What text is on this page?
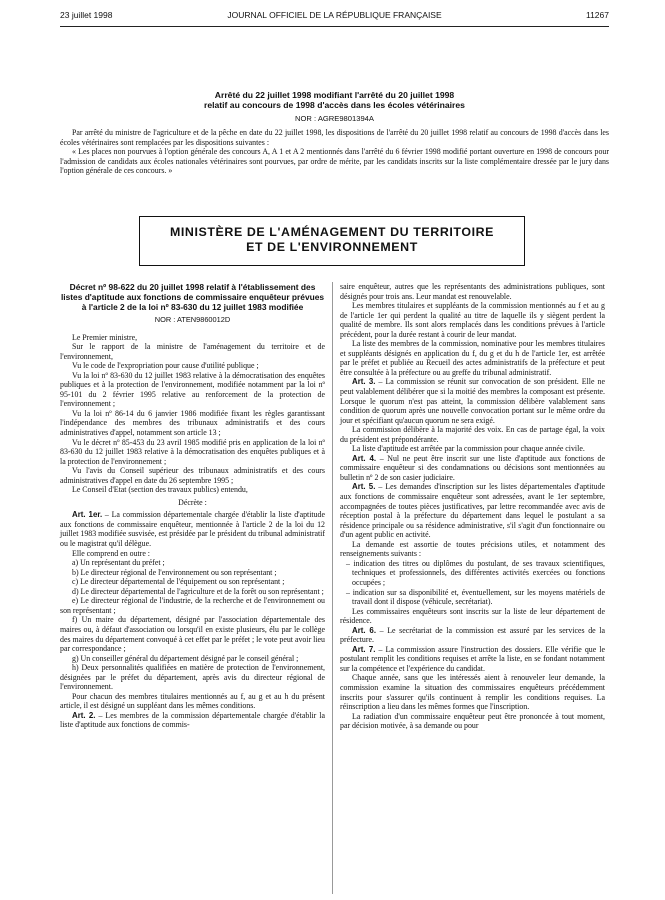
23 juillet 1998	JOURNAL OFFICIEL DE LA RÉPUBLIQUE FRANÇAISE	11267
Arrêté du 22 juillet 1998 modifiant l'arrêté du 20 juillet 1998
relatif au concours de 1998 d'accès dans les écoles vétérinaires
NOR : AGRE9801394A

Par arrêté du ministre de l'agriculture et de la pêche en date du 22 juillet 1998, les dispositions de l'arrêté du 20 juillet 1998 relatif au concours de 1998 d'accès dans les écoles vétérinaires sont remplacées par les dispositions suivantes :

« Les places non pourvues à l'option générale des concours A, A 1 et A 2 mentionnés dans l'arrêté du 6 février 1998 modifié portant ouverture en 1998 de concours pour l'admission de candidats aux écoles nationales vétérinaires sont pourvues, par ordre de mérite, par les candidats inscrits sur la liste complémentaire dressée par le jury dans l'option générale de ces concours. »

MINISTÈRE DE L'AMÉNAGEMENT DU TERRITOIRE
ET DE L'ENVIRONNEMENT

Décret nº 98-622 du 20 juillet 1998 relatif à l'établissement des listes d'aptitude aux fonctions de commissaire enquêteur prévues à l'article 2 de la loi nº 83-630 du 12 juillet 1983 modifiée

NOR : ATEN9860012D

Le Premier ministre,

Sur le rapport de la ministre de l'aménagement du territoire et de l'environnement,

Vu le code de l'expropriation pour cause d'utilité publique ;

Vu la loi nº 83-630 du 12 juillet 1983 relative à la démocratisation des enquêtes publiques et à la protection de l'environnement, modifiée notamment par la loi nº 95-101 du 2 février 1995 relative au renforcement de la protection de l'environnement ;

Vu la loi nº 86-14 du 6 janvier 1986 modifiée fixant les règles garantissant l'indépendance des membres des tribunaux administratifs et des cours administratives d'appel, notamment son article 13 ;

Vu le décret nº 85-453 du 23 avril 1985 modifié pris en application de la loi nº 83-630 du 12 juillet 1983 relative à la démocratisation des enquêtes publiques et à la protection de l'environnement ;

Vu l'avis du Conseil supérieur des tribunaux administratifs et des cours administratives d'appel en date du 26 septembre 1995 ;

Le Conseil d'Etat (section des travaux publics) entendu,

Décrète :

Art. 1er. – La commission départementale chargée d'établir la liste d'aptitude aux fonctions de commissaire enquêteur, mentionnée à l'article 2 de la loi du 12 juillet 1983 modifiée susvisée, est présidée par le président du tribunal administratif ou le magistrat qu'il délègue.

Elle comprend en outre :

a) Un représentant du préfet ;

b) Le directeur régional de l'environnement ou son représentant ;

c) Le directeur départemental de l'équipement ou son représentant ;

d) Le directeur départemental de l'agriculture et de la forêt ou son représentant ;

e) Le directeur régional de l'industrie, de la recherche et de l'environnement ou son représentant ;

f) Un maire du département, désigné par l'association départementale des maires ou, à défaut d'association ou lorsqu'il en existe plusieurs, élu par le collège des maires du département convoqué à cet effet par le préfet ; le vote peut avoir lieu par correspondance ;

g) Un conseiller général du département désigné par le conseil général ;

h) Deux personnalités qualifiées en matière de protection de l'environnement, désignées par le préfet du département, après avis du directeur régional de l'environnement.

Pour chacun des membres titulaires mentionnés au f, au g et au h du présent article, il est désigné un suppléant dans les mêmes conditions.

Art. 2. – Les membres de la commission départementale chargée d'établir la liste d'aptitude aux fonctions de commis-

saire enquêteur, autres que les représentants des administrations publiques, sont désignés pour trois ans. Leur mandat est renouvelable.

Les membres titulaires et suppléants de la commission mentionnés au f et au g de l'article 1er qui perdent la qualité au titre de laquelle ils y siègent perdent la qualité de membre. Ils sont alors remplacés dans les conditions prévues à l'article précédent, pour la durée restant à courir de leur mandat.

La liste des membres de la commission, nominative pour les membres titulaires et suppléants désignés en application du f, du g et du h de l'article 1er, est arrêtée par le préfet et publiée au Recueil des actes administratifs de la préfecture et peut être consultée à la préfecture ou au greffe du tribunal administratif.

Art. 3. – La commission se réunit sur convocation de son président. Elle ne peut valablement délibérer que si la moitié des membres la composant est présente. Lorsque le quorum n'est pas atteint, la commission délibère valablement sans condition de quorum après une nouvelle convocation portant sur le même ordre du jour et spécifiant qu'aucun quorum ne sera exigé.

La commission délibère à la majorité des voix. En cas de partage égal, la voix du président est prépondérante.

La liste d'aptitude est arrêtée par la commission pour chaque année civile.

Art. 4. – Nul ne peut être inscrit sur une liste d'aptitude aux fonctions de commissaire enquêteur si des condamnations ou décisions sont mentionnées au bulletin nº 2 de son casier judiciaire.

Art. 5. – Les demandes d'inscription sur les listes départementales d'aptitude aux fonctions de commissaire enquêteur sont adressées, avant le 1er septembre, accompagnées de toutes pièces justificatives, par lettre recommandée avec avis de réception postal à la préfecture du département dans lequel le postulant a sa résidence principale ou sa résidence administrative, s'il s'agit d'un fonctionnaire ou d'un agent public en activité.

La demande est assortie de toutes précisions utiles, et notamment des renseignements suivants :

– indication des titres ou diplômes du postulant, de ses travaux scientifiques, techniques et professionnels, des différentes activités exercées ou fonctions occupées ;

– indication sur sa disponibilité et, éventuellement, sur les moyens matériels de travail dont il dispose (véhicule, secrétariat).

Les commissaires enquêteurs sont inscrits sur la liste de leur département de résidence.

Art. 6. – Le secrétariat de la commission est assuré par les services de la préfecture.

Art. 7. – La commission assure l'instruction des dossiers. Elle vérifie que le postulant remplit les conditions requises et arrête la liste, en se fondant notamment sur la compétence et l'expérience du candidat.

Chaque année, sans que les intéressés aient à renouveler leur demande, la commission examine la situation des commissaires enquêteurs précédemment inscrits pour s'assurer qu'ils continuent à remplir les conditions requises. La réinscription a lieu dans les mêmes formes que l'inscription.

La radiation d'un commissaire enquêteur peut être prononcée à tout moment, par décision motivée, à sa demande ou pour
